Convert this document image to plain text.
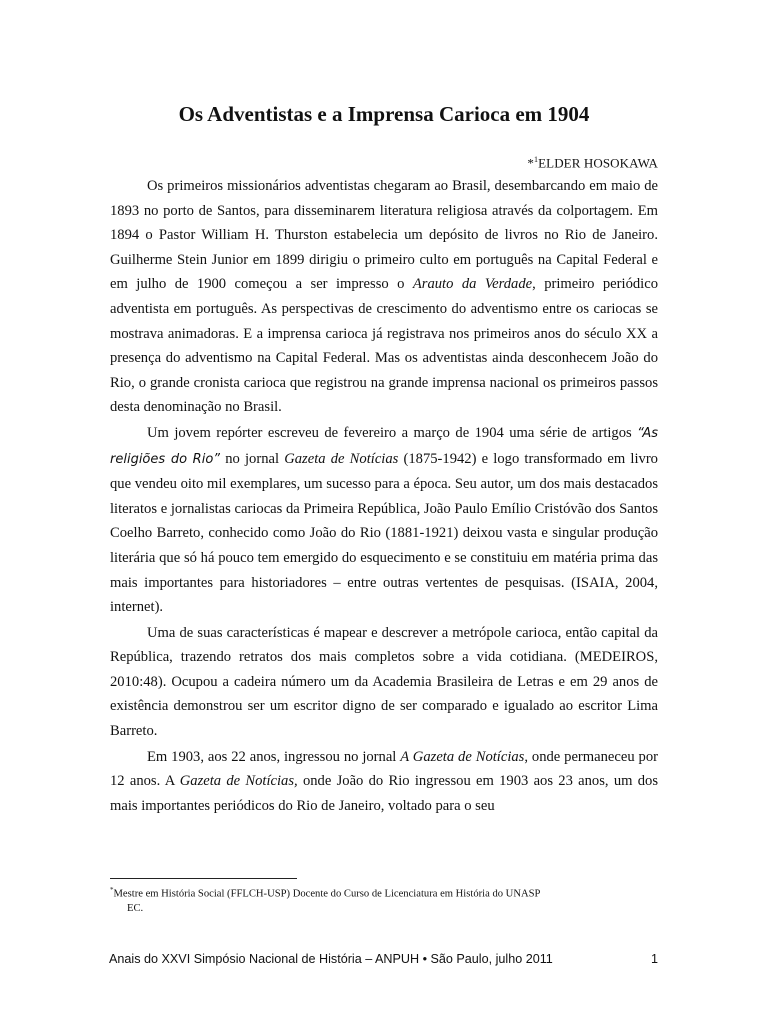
Os Adventistas e a Imprensa Carioca em 1904
*$^1$ELDER HOSOKAWA

Os primeiros missionários adventistas chegaram ao Brasil, desembarcando em maio de 1893 no porto de Santos, para disseminarem literatura religiosa através da colportagem. Em 1894 o Pastor William H. Thurston estabelecia um depósito de livros no Rio de Janeiro. Guilherme Stein Junior em 1899 dirigiu o primeiro culto em português na Capital Federal e em julho de 1900 começou a ser impresso o Arauto da Verdade, primeiro periódico adventista em português. As perspectivas de crescimento do adventismo entre os cariocas se mostrava animadoras. E a imprensa carioca já registrava nos primeiros anos do século XX a presença do adventismo na Capital Federal. Mas os adventistas ainda desconhecem João do Rio, o grande cronista carioca que registrou na grande imprensa nacional os primeiros passos desta denominação no Brasil.

Um jovem repórter escreveu de fevereiro a março de 1904 uma série de artigos “As religiões do Rio” no jornal Gazeta de Notícias (1875-1942) e logo transformado em livro que vendeu oito mil exemplares, um sucesso para a época. Seu autor, um dos mais destacados literatos e jornalistas cariocas da Primeira República, João Paulo Emílio Cristóvão dos Santos Coelho Barreto, conhecido como João do Rio (1881-1921) deixou vasta e singular produção literária que só há pouco tem emergido do esquecimento e se constituiu em matéria prima das mais importantes para historiadores – entre outras vertentes de pesquisas. (ISAIA, 2004, internet).

Uma de suas características é mapear e descrever a metrópole carioca, então capital da República, trazendo retratos dos mais completos sobre a vida cotidiana. (MEDEIROS, 2010:48). Ocupou a cadeira número um da Academia Brasileira de Letras e em 29 anos de existência demonstrou ser um escritor digno de ser comparado e igualado ao escritor Lima Barreto.

Em 1903, aos 22 anos, ingressou no jornal A Gazeta de Notícias, onde permaneceu por 12 anos. A Gazeta de Notícias, onde João do Rio ingressou em 1903 aos 23 anos, um dos mais importantes periódicos do Rio de Janeiro, voltado para o seu

*Mestre em História Social (FFLCH-USP) Docente do Curso de Licenciatura em História do UNASP
EC.
Anais do XXVI Simpósio Nacional de História – ANPUH • São Paulo, julho 2011	1
